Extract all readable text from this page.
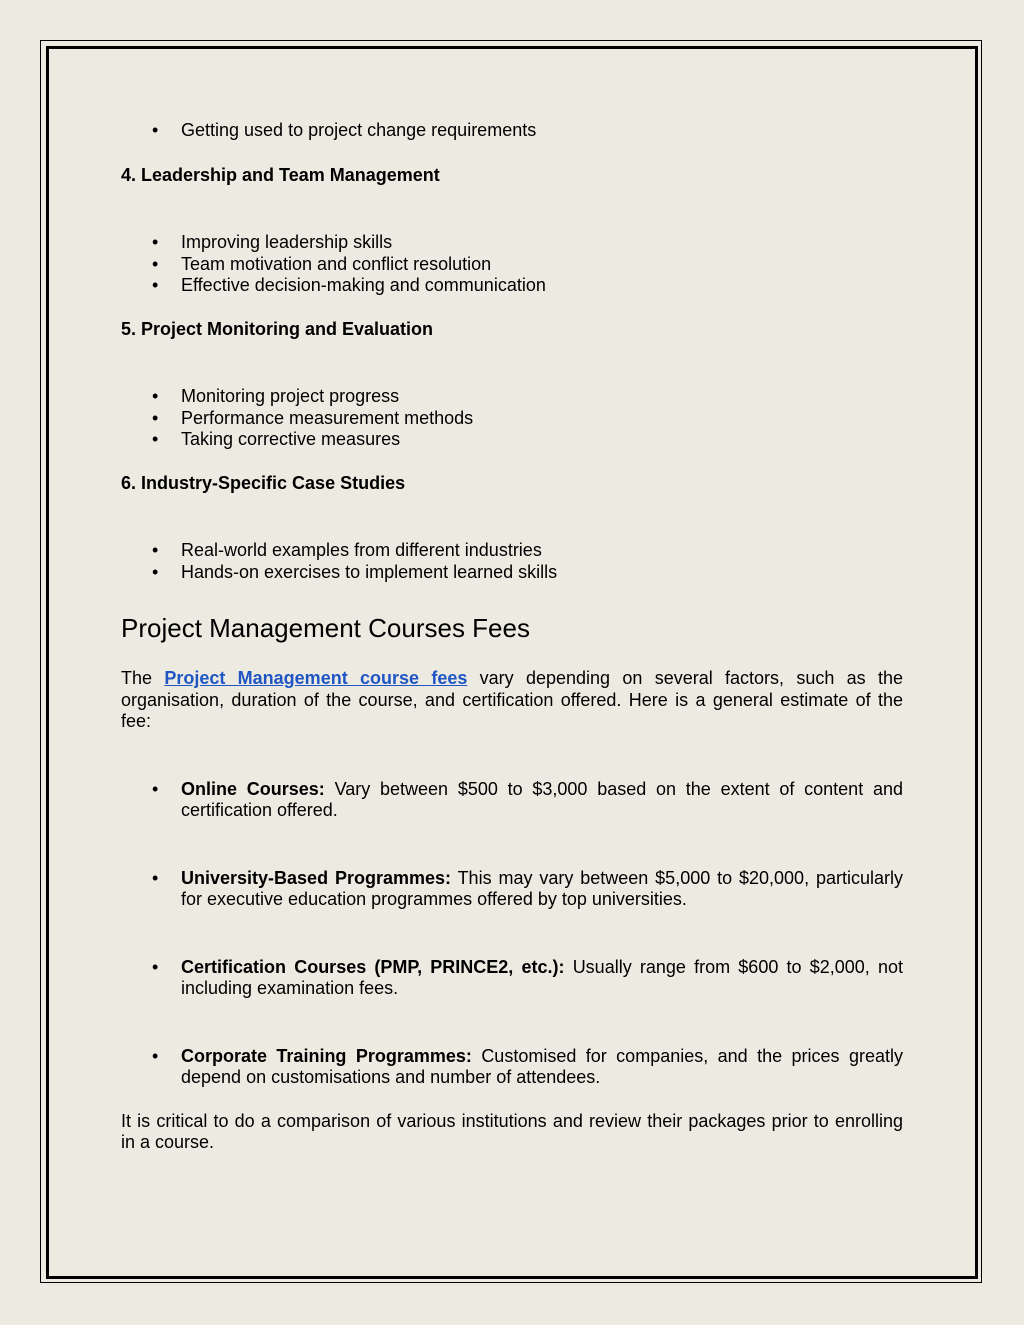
• Getting used to project change requirements
4. Leadership and Team Management
• Improving leadership skills
• Team motivation and conflict resolution
• Effective decision-making and communication
5. Project Monitoring and Evaluation
• Monitoring project progress
• Performance measurement methods
• Taking corrective measures
6. Industry-Specific Case Studies
• Real-world examples from different industries
• Hands-on exercises to implement learned skills
Project Management Courses Fees

The Project Management course fees vary depending on several factors, such as the organisation, duration of the course, and certification offered. Here is a general estimate of the fee:

• Online Courses: Vary between $500 to $3,000 based on the extent of content and certification offered.
• University-Based Programmes: This may vary between $5,000 to $20,000, particularly for executive education programmes offered by top universities.
• Certification Courses (PMP, PRINCE2, etc.): Usually range from $600 to $2,000, not including examination fees.
• Corporate Training Programmes: Customised for companies, and the prices greatly depend on customisations and number of attendees.

It is critical to do a comparison of various institutions and review their packages prior to enrolling in a course.
